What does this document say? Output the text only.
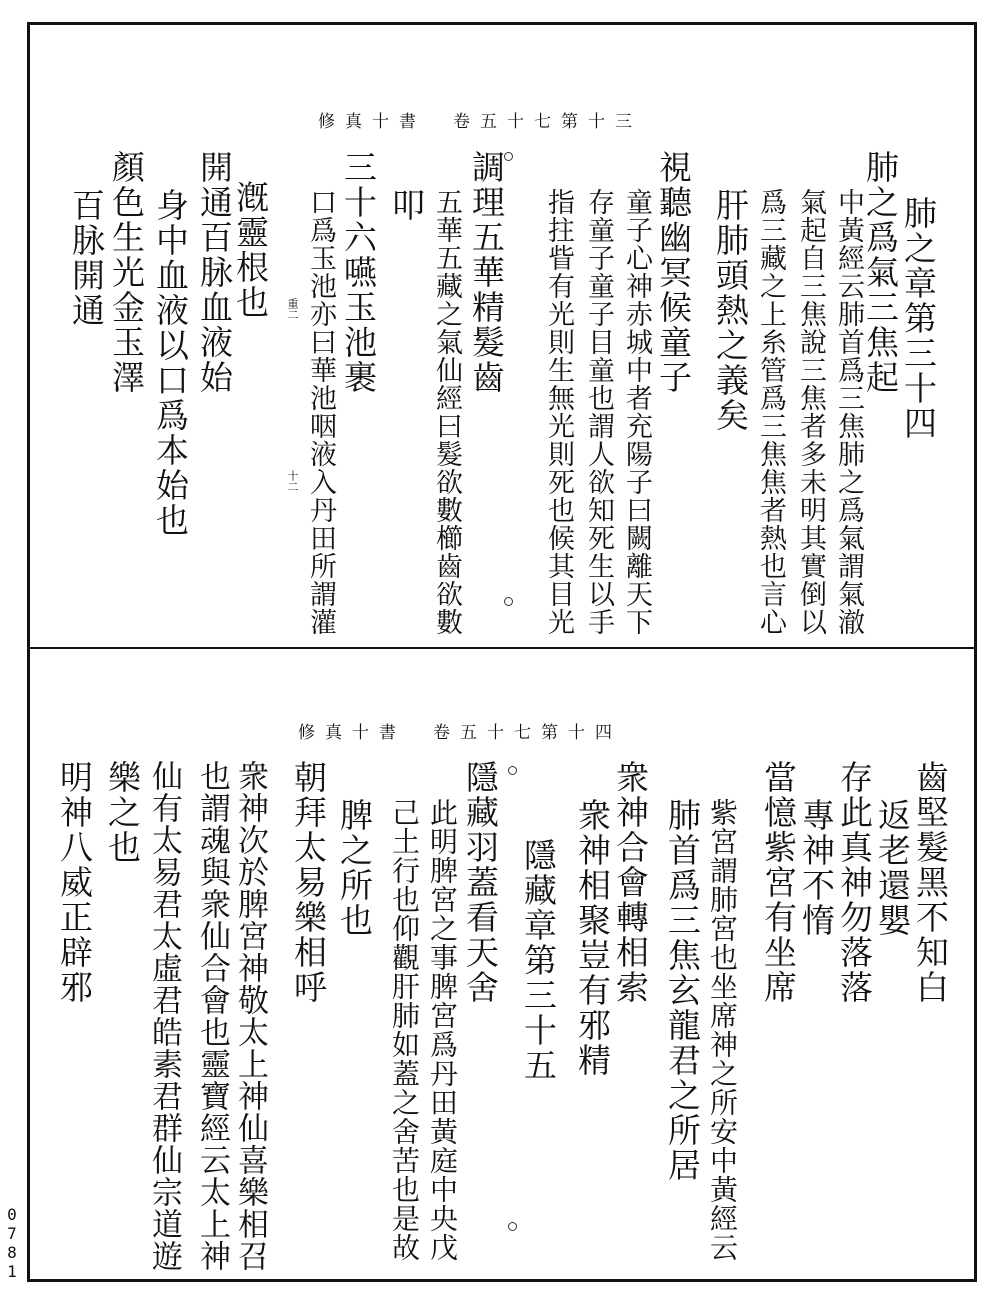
修真十書　卷五十七第十三
肺之章第三十四
肺之爲氣三焦起
中黃經云肺首爲三焦肺之爲氣謂氣澈
氣起自三焦說三焦者多未明其實倒以
爲三藏之上糸管爲三焦焦者熱也言心
肝肺頭熱之義矣
視聽幽冥候童子
童子心神赤城中者充陽子曰闕離天下
存童子童子目童也謂人欲知死生以手
指拄眥有光則生無光則死也候其目光
調理五華精髮齒
五華五藏之氣仙經曰髮欲數櫛齒欲數
叩
三十六嚥玉池裹
口爲玉池亦曰華池咽液入丹田所謂灌
漑靈根也
開通百脉血液始
身中血液以口爲本始也
顏色生光金玉澤
百脉開通	重二
十二
修真十書　卷五十七第十四
齒堅髮黑不知白
返老還嬰
存此真神勿落落
專神不惰
當憶紫宮有坐席
紫宮謂肺宮也坐席神之所安中黃經云
肺首爲三焦玄龍君之所居
衆神合會轉相索
衆神相聚豈有邪精
隱藏章第三十五
隱藏羽蓋看天舍
此明脾宮之事脾宮爲丹田黃庭中央戊
己土行也仰觀肝肺如蓋之舍苦也是故
脾之所也
朝拜太易樂相呼
衆神次於脾宮神敬太上神仙喜樂相召
也謂魂與衆仙合會也靈寶經云太上神
仙有太易君太虛君皓素君群仙宗道遊
樂之也
明神八威正辟邪
0
7
8
1
